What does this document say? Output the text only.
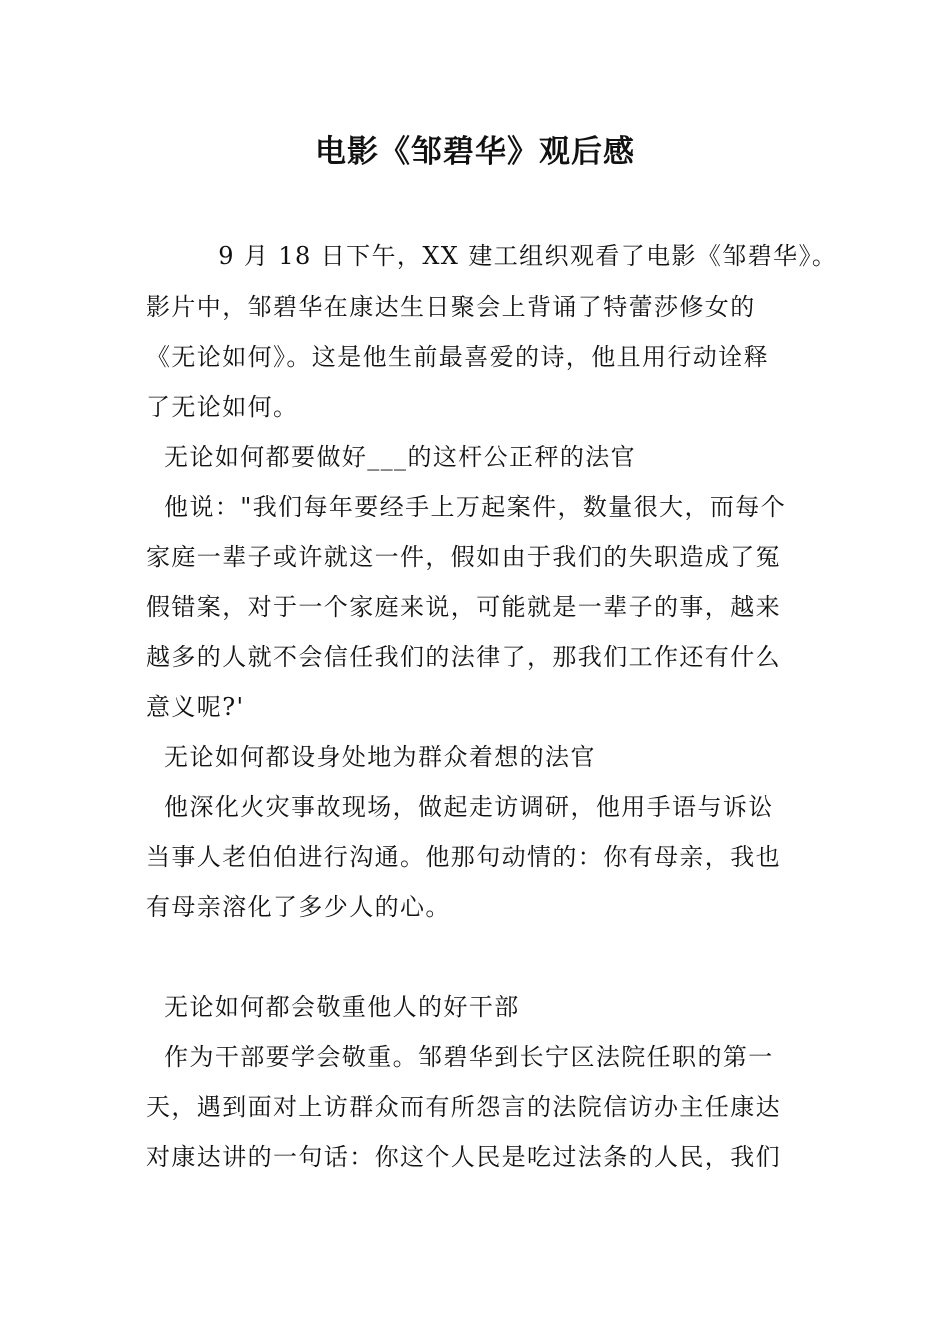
电影《邹碧华》观后感
9 月 18 日下午，XX 建工组织观看了电影《邹碧华》。
影片中，邹碧华在康达生日聚会上背诵了特蕾莎修女的
《无论如何》。这是他生前最喜爱的诗，他且用行动诠释
了无论如何。
无论如何都要做好___的这杆公正秤的法官
他说："我们每年要经手上万起案件，数量很大，而每个
家庭一辈子或许就这一件，假如由于我们的失职造成了冤
假错案，对于一个家庭来说，可能就是一辈子的事，越来
越多的人就不会信任我们的法律了，那我们工作还有什么
意义呢?'
无论如何都设身处地为群众着想的法官
他深化火灾事故现场，做起走访调研，他用手语与诉讼
当事人老伯伯进行沟通。他那句动情的：你有母亲，我也
有母亲溶化了多少人的心。
无论如何都会敬重他人的好干部
作为干部要学会敬重。邹碧华到长宁区法院任职的第一
天，遇到面对上访群众而有所怨言的法院信访办主任康达
对康达讲的一句话：你这个人民是吃过法条的人民，我们
